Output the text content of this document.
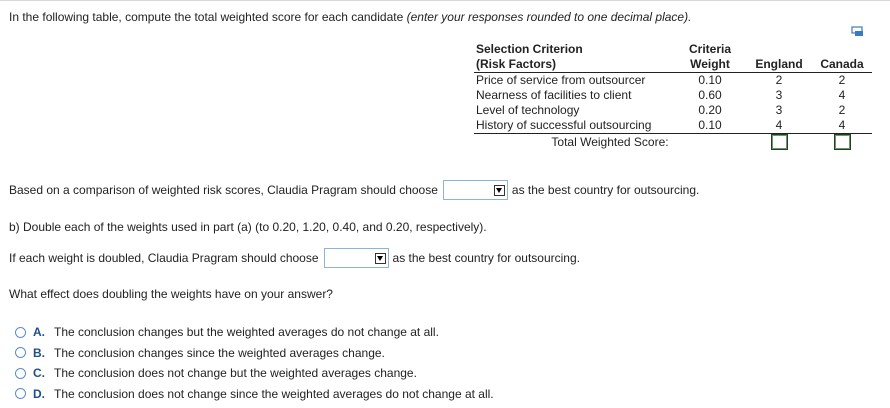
In the following table, compute the total weighted score for each candidate (enter your responses rounded to one decimal place).
Selection Criterion	Criteria		
(Risk Factors)	Weight	England	Canada
Price of service from outsourcer	0.10	2	2
Nearness of facilities to client	0.60	3	4
Level of technology	0.20	3	2
History of successful outsourcing	0.10	4	4
Total Weighted Score:			
Based on a comparison of weighted risk scores, Claudia Pragram should choose	as the best country for outsourcing.
b) Double each of the weights used in part (a) (to 0.20, 1.20, 0.40, and 0.20, respectively).
If each weight is doubled, Claudia Pragram should choose	as the best country for outsourcing.
What effect does doubling the weights have on your answer?
A. The conclusion changes but the weighted averages do not change at all.
B. The conclusion changes since the weighted averages change.
C. The conclusion does not change but the weighted averages change.
D. The conclusion does not change since the weighted averages do not change at all.
